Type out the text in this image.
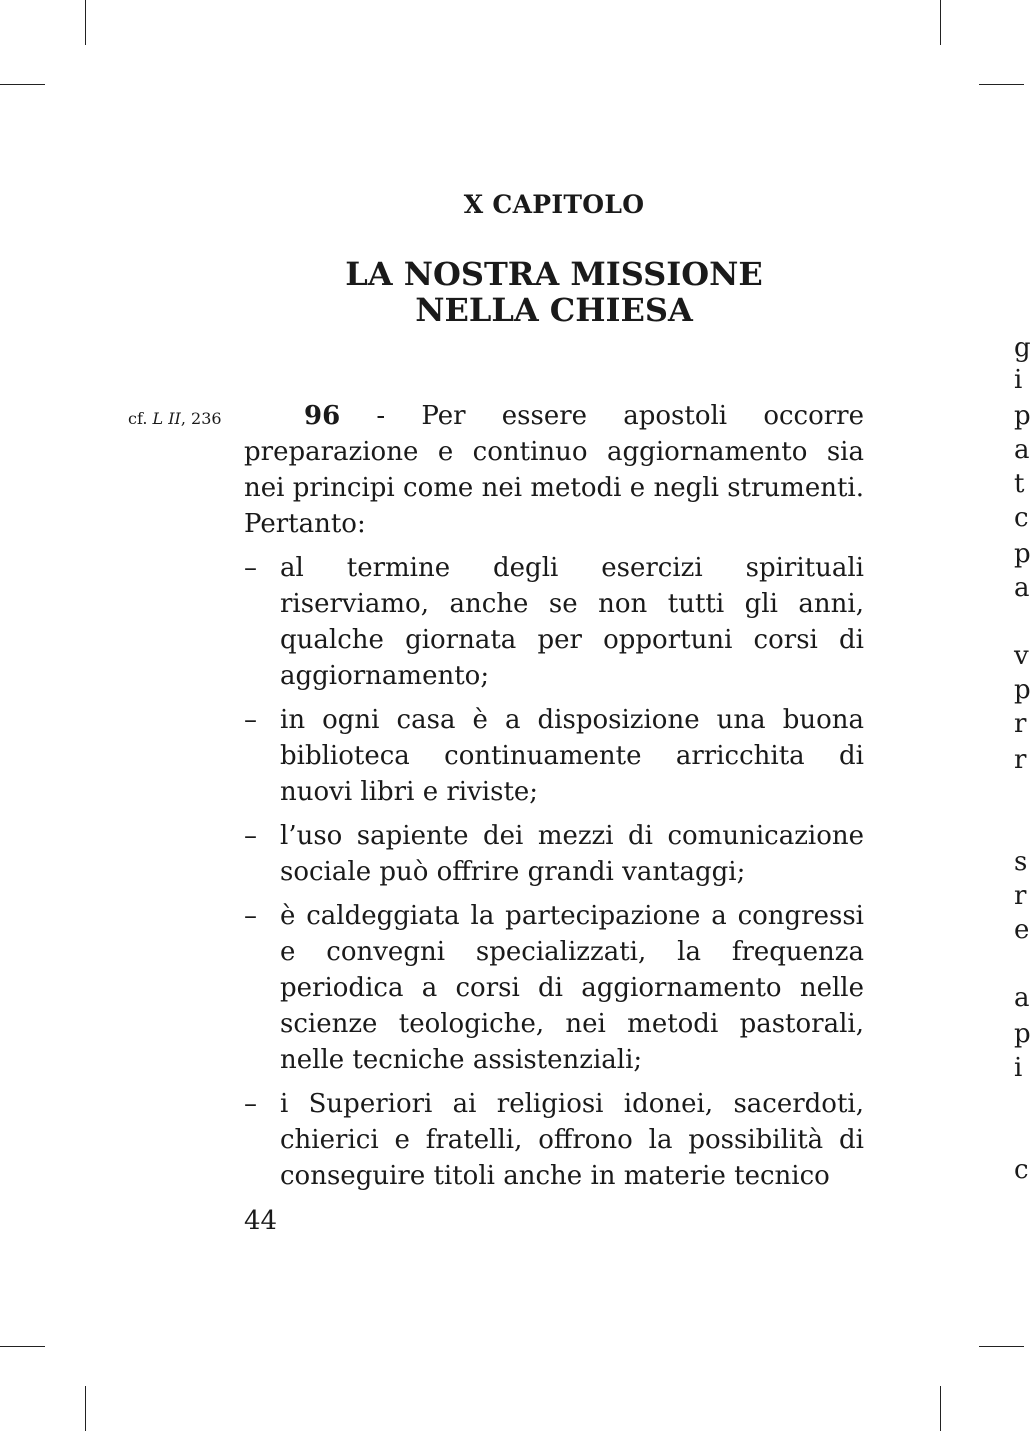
X CAPITOLO
LA NOSTRA MISSIONE
NELLA CHIESA
cf. L II, 236	96 - Per essere apostoli occorre preparazione e continuo aggiornamento sia nei principi come nei metodi e negli strumenti. Pertanto:

– al termine degli esercizi spirituali riserviamo, anche se non tutti gli anni, qualche giornata per opportuni corsi di aggiornamento;
– in ogni casa è a disposizione una buona biblioteca continuamente arricchita di nuovi libri e riviste;
– l’uso sapiente dei mezzi di comunicazione sociale può offrire grandi vantaggi;
– è caldeggiata la partecipazione a congressi e convegni specializzati, la frequenza periodica a corsi di aggiornamento nelle scienze teologiche, nei metodi pastorali, nelle tecniche assistenziali;
– i Superiori ai religiosi idonei, sacerdoti, chierici e fratelli, offrono la possibilità di conseguire titoli anche in materie tecnico
44
g
i
p
a
t
c
p
a
v
p
r
r
s
r
e
a
p
i
c
